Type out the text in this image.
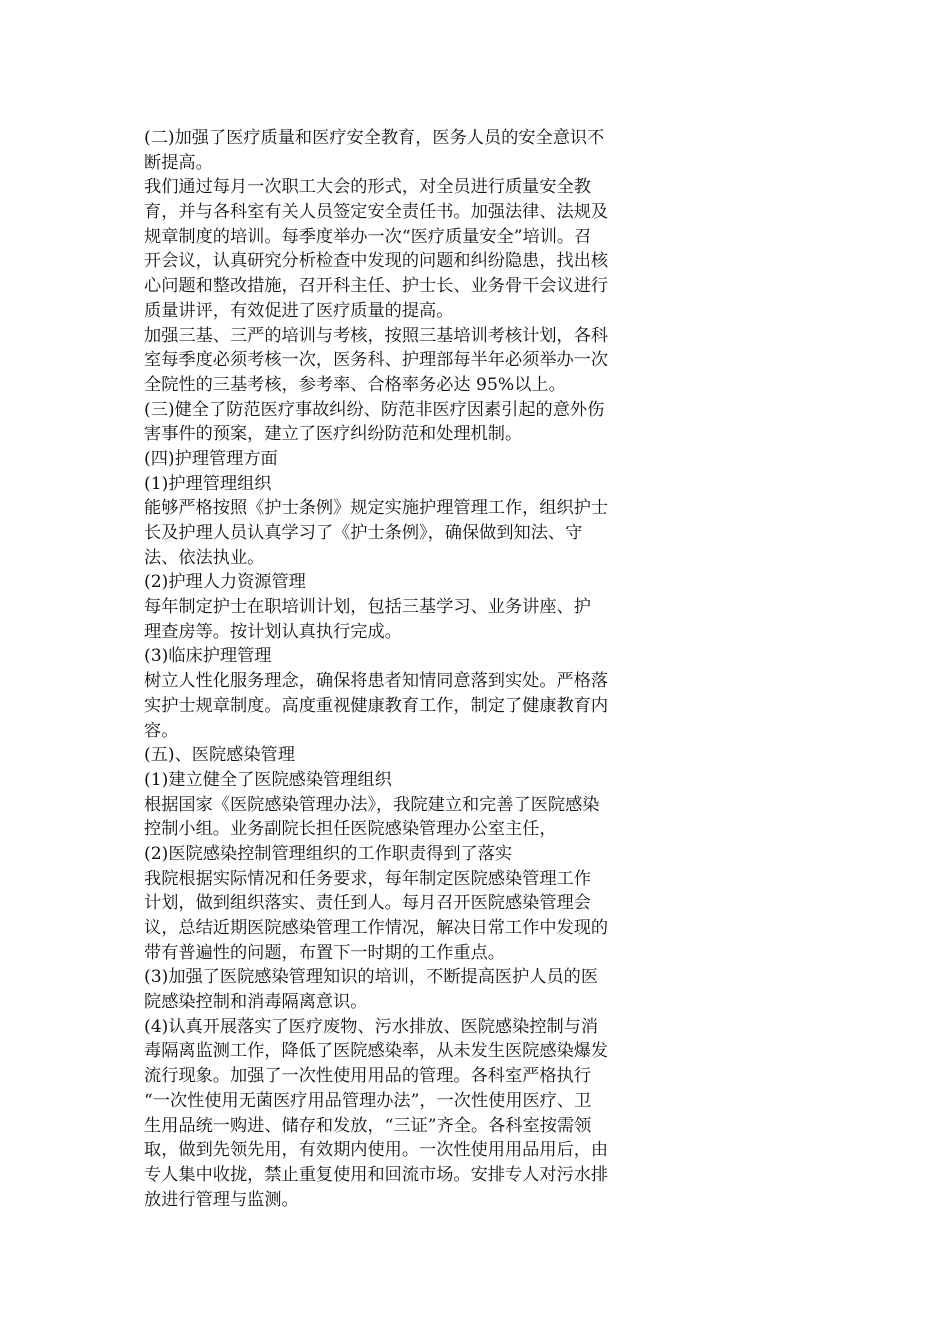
(二)加强了医疗质量和医疗安全教育，医务人员的安全意识不
断提高。
我们通过每月一次职工大会的形式，对全员进行质量安全教
育，并与各科室有关人员签定安全责任书。加强法律、法规及
规章制度的培训。每季度举办一次“医疗质量安全”培训。召
开会议，认真研究分析检查中发现的问题和纠纷隐患，找出核
心问题和整改措施，召开科主任、护士长、业务骨干会议进行
质量讲评，有效促进了医疗质量的提高。
加强三基、三严的培训与考核，按照三基培训考核计划，各科
室每季度必须考核一次，医务科、护理部每半年必须举办一次
全院性的三基考核，参考率、合格率务必达 95%以上。
(三)健全了防范医疗事故纠纷、防范非医疗因素引起的意外伤
害事件的预案，建立了医疗纠纷防范和处理机制。
(四)护理管理方面
(1)护理管理组织
能够严格按照《护士条例》规定实施护理管理工作，组织护士
长及护理人员认真学习了《护士条例》，确保做到知法、守
法、依法执业。
(2)护理人力资源管理
每年制定护士在职培训计划，包括三基学习、业务讲座、护
理查房等。按计划认真执行完成。
(3)临床护理管理
树立人性化服务理念，确保将患者知情同意落到实处。严格落
实护士规章制度。高度重视健康教育工作，制定了健康教育内
容。
(五)、医院感染管理
(1)建立健全了医院感染管理组织
根据国家《医院感染管理办法》，我院建立和完善了医院感染
控制小组。业务副院长担任医院感染管理办公室主任，
(2)医院感染控制管理组织的工作职责得到了落实
我院根据实际情况和任务要求，每年制定医院感染管理工作
计划，做到组织落实、责任到人。每月召开医院感染管理会
议，总结近期医院感染管理工作情况，解决日常工作中发现的
带有普遍性的问题，布置下一时期的工作重点。
(3)加强了医院感染管理知识的培训，不断提高医护人员的医
院感染控制和消毒隔离意识。
(4)认真开展落实了医疗废物、污水排放、医院感染控制与消
毒隔离监测工作，降低了医院感染率，从未发生医院感染爆发
流行现象。加强了一次性使用用品的管理。各科室严格执行
“一次性使用无菌医疗用品管理办法”，一次性使用医疗、卫
生用品统一购进、储存和发放，“三证”齐全。各科室按需领
取，做到先领先用，有效期内使用。一次性使用用品用后，由
专人集中收拢，禁止重复使用和回流市场。安排专人对污水排
放进行管理与监测。
